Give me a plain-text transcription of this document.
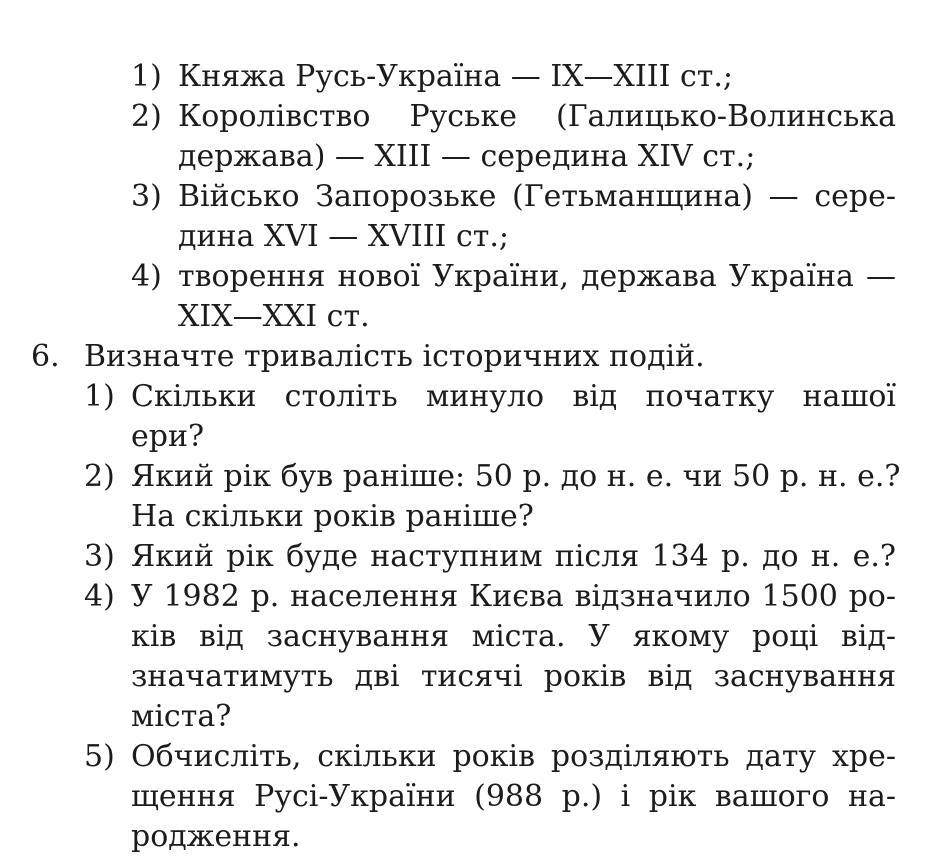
1) Княжа Русь-Україна — IX—XIII ст.;
2) Королівство Руське (Галицько-Волинська
держава) — XIII — середина XIV ст.;
3) Військо Запорозьке (Гетьманщина) — сере-
дина XVI — XVIII ст.;
4) творення нової України, держава Україна —
XIX—XXI ст.
6. Визначте тривалість історичних подій.
1) Скільки століть минуло від початку нашої
ери?
2) Який рік був раніше: 50 р. до н. е. чи 50 р. н. е.?
На скільки років раніше?
3) Який рік буде наступним після 134 р. до н. е.?
4) У 1982 р. населення Києва відзначило 1500 ро-
ків від заснування міста. У якому році від-
значатимуть дві тисячі років від заснування
міста?
5) Обчисліть, скільки років розділяють дату хре-
щення Русі-України (988 р.) і рік вашого на-
родження.
